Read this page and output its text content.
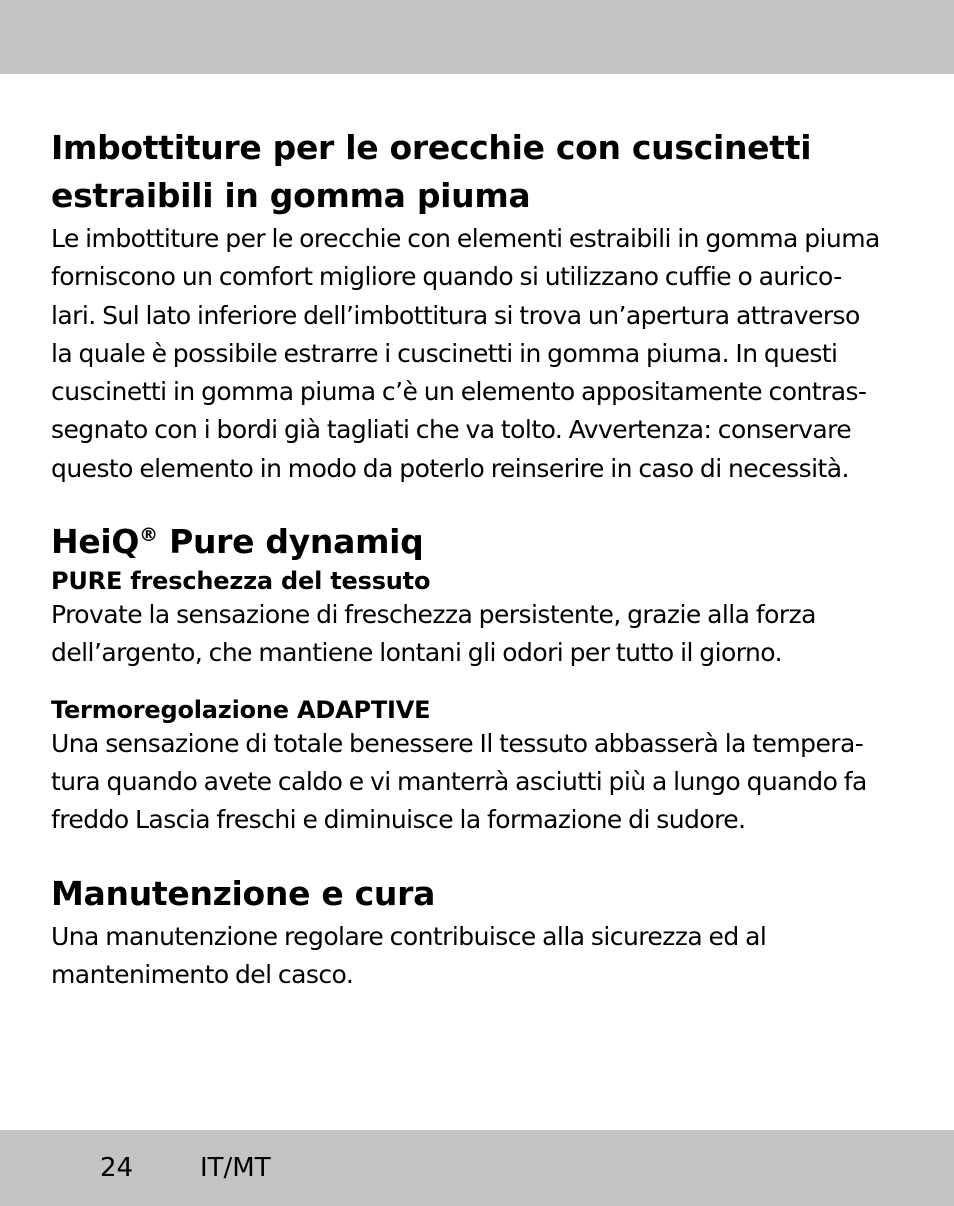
Imbottiture per le orecchie con cuscinetti
estraibili in gomma piuma

Le imbottiture per le orecchie con elementi estraibili in gomma piuma
forniscono un comfort migliore quando si utilizzano cuffie o aurico-
lari. Sul lato inferiore dell’imbottitura si trova un’apertura attraverso
la quale è possibile estrarre i cuscinetti in gomma piuma. In questi
cuscinetti in gomma piuma c’è un elemento appositamente contras-
segnato con i bordi già tagliati che va tolto. Avvertenza: conservare
questo elemento in modo da poterlo reinserire in caso di necessità.

HeiQ® Pure dynamiq
PURE freschezza del tessuto

Provate la sensazione di freschezza persistente, grazie alla forza
dell’argento, che mantiene lontani gli odori per tutto il giorno.

Termoregolazione ADAPTIVE

Una sensazione di totale benessere Il tessuto abbasserà la tempera-
tura quando avete caldo e vi manterrà asciutti più a lungo quando fa
freddo Lascia freschi e diminuisce la formazione di sudore.

Manutenzione e cura

Una manutenzione regolare contribuisce alla sicurezza ed al
mantenimento del casco.

24	IT/MT
